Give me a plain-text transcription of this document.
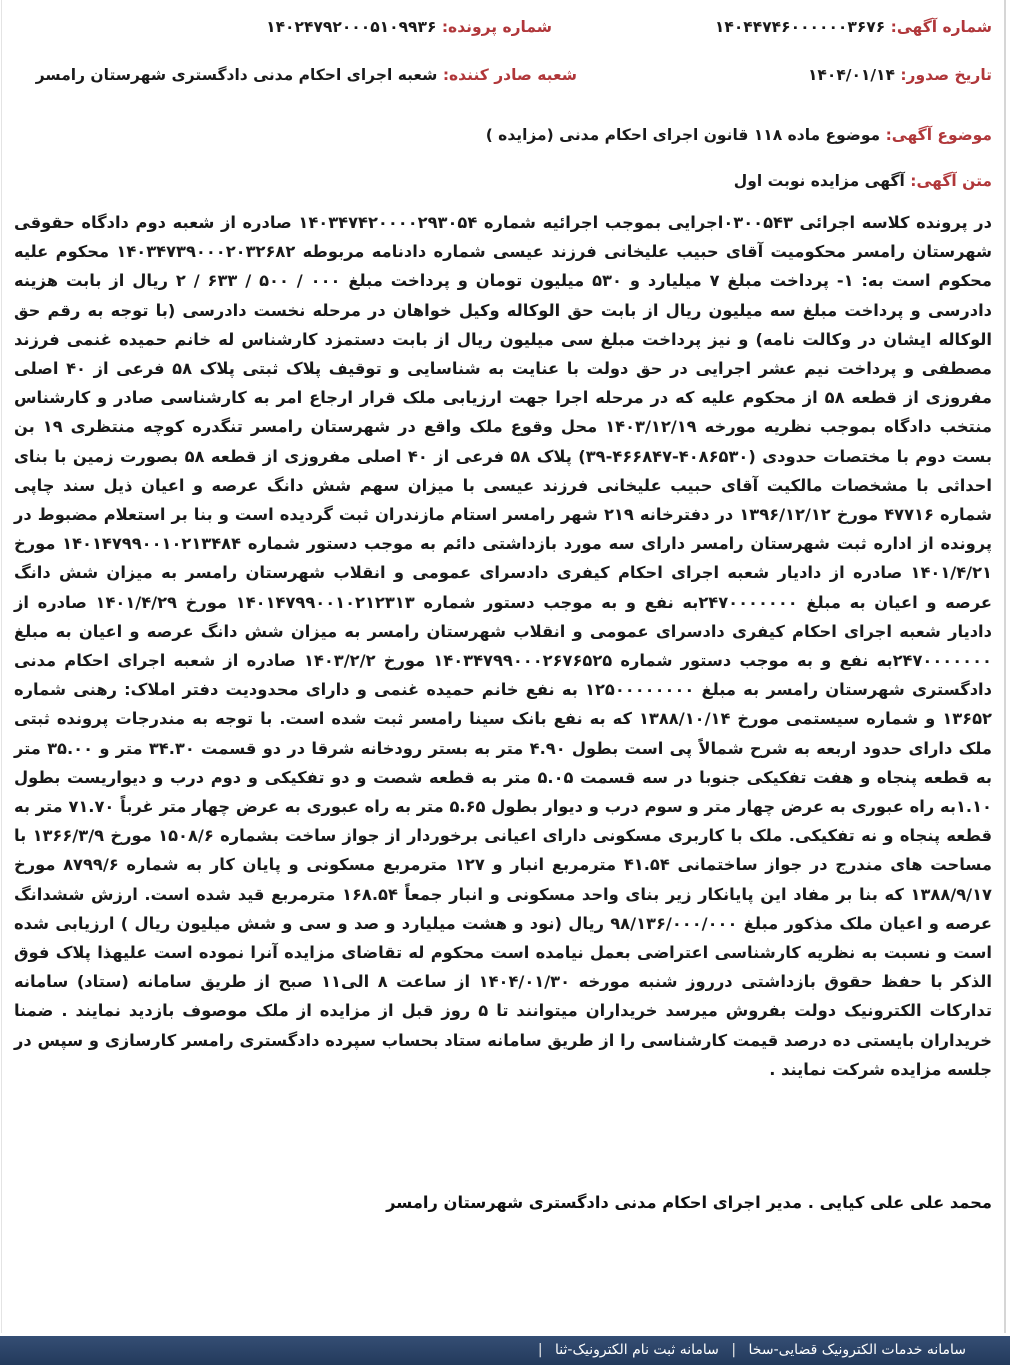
شماره آگهی: ۱۴۰۴۴۷۴۶۰۰۰۰۰۰۳۶۷۶
شماره پرونده: ۱۴۰۲۴۷۹۲۰۰۰۵۱۰۹۹۳۶
تاریخ صدور: ۱۴۰۴/۰۱/۱۴
شعبه صادر کننده: شعبه اجرای احکام مدنی دادگستری شهرستان رامسر
موضوع آگهی: موضوع ماده ۱۱۸ قانون اجرای احکام مدنی (مزایده )
متن آگهی: آگهی مزایده نوبت اول
در پرونده کلاسه اجرائی ۰۳۰۰۵۴۳اجرایی بموجب اجرائیه شماره ۱۴۰۳۴۷۴۲۰۰۰۰۲۹۳۰۵۴ صادره از شعبه دوم دادگاه حقوقی شهرستان رامسر محکومیت آقای حبیب علیخانی فرزند عیسی شماره دادنامه مربوطه ۱۴۰۳۴۷۳۹۰۰۰۲۰۳۲۶۸۲ محکوم علیه محکوم است به: ۱- پرداخت مبلغ ۷ میلیارد و ۵۳۰ میلیون تومان و پرداخت مبلغ ۰۰۰ / ۵۰۰ / ۶۳۳ / ۲ ریال از بابت هزینه دادرسی و پرداخت مبلغ سه میلیون ریال از بابت حق الوکاله وکیل خواهان در مرحله نخست دادرسی (با توجه به رقم حق الوکاله ایشان در وکالت نامه) و نیز پرداخت مبلغ سی میلیون ریال از بابت دستمزد کارشناس له خانم حمیده غنمی فرزند مصطفی و پرداخت نیم عشر اجرایی در حق دولت با عنایت به شناسایی و توقیف پلاک ثبتی پلاک ۵۸ فرعی از ۴۰ اصلی مفروزی از قطعه ۵۸ از محکوم علیه که در مرحله اجرا جهت ارزیابی ملک قرار ارجاع امر به کارشناسی صادر و کارشناس منتخب دادگاه بموجب نظریه مورخه ۱۴۰۳/۱۲/۱۹ محل وقوع ملک واقع در شهرستان رامسر تنگدره کوچه منتظری ۱۹ بن بست دوم با مختصات حدودی (۴۰۸۶۵۳۰-۴۶۶۸۴۷-۳۹) پلاک ۵۸ فرعی از ۴۰ اصلی مفروزی از قطعه ۵۸ بصورت زمین با بنای احداثی با مشخصات مالکیت آقای حبیب علیخانی فرزند عیسی با میزان سهم شش دانگ عرصه و اعیان ذیل سند چاپی شماره ۴۷۷۱۶ مورخ ۱۳۹۶/۱۲/۱۲ در دفترخانه ۲۱۹ شهر رامسر استام مازندران ثبت گردیده است و بنا بر استعلام مضبوط در پرونده از اداره ثبت شهرستان رامسر دارای سه مورد بازداشتی دائم به موجب دستور شماره ۱۴۰۱۴۷۹۹۰۰۱۰۲۱۳۴۸۴ مورخ ۱۴۰۱/۴/۲۱ صادره از دادیار شعبه اجرای احکام کیفری دادسرای عمومی و انقلاب شهرستان رامسر به میزان شش دانگ عرصه و اعیان به مبلغ ۲۴۷۰۰۰۰۰۰۰به نفع و به موجب دستور شماره ۱۴۰۱۴۷۹۹۰۰۱۰۲۱۲۳۱۳ مورخ ۱۴۰۱/۴/۲۹ صادره از دادیار شعبه اجرای احکام کیفری دادسرای عمومی و انقلاب شهرستان رامسر به میزان شش دانگ عرصه و اعیان به مبلغ ۲۴۷۰۰۰۰۰۰۰به نفع و به موجب دستور شماره ۱۴۰۳۴۷۹۹۰۰۰۲۶۷۶۵۲۵ مورخ ۱۴۰۳/۲/۲ صادره از شعبه اجرای احکام مدنی دادگستری شهرستان رامسر به مبلغ ۱۲۵۰۰۰۰۰۰۰۰ به نفع خانم حمیده غنمی و دارای محدودیت دفتر املاک: رهنی شماره ۱۳۶۵۲ و شماره سیستمی مورخ ۱۳۸۸/۱۰/۱۴ که به نفع بانک سینا رامسر ثبت شده است. با توجه به مندرجات پرونده ثبتی ملک دارای حدود اربعه به شرح شمالاً پی است بطول ۴.۹۰ متر به بستر رودخانه شرقا در دو قسمت ۳۴.۳۰ متر و ۳۵.۰۰ متر به قطعه پنجاه و هفت تفکیکی جنوبا در سه قسمت ۵.۰۵ متر به قطعه شصت و دو تفکیکی و دوم درب و دیواریست بطول ۱.۱۰به راه عبوری به عرض چهار متر و سوم درب و دیوار بطول ۵.۶۵ متر به راه عبوری به عرض چهار متر غرباً ۷۱.۷۰ متر به قطعه پنجاه و نه تفکیکی. ملک با کاربری مسکونی دارای اعیانی برخوردار از جواز ساخت بشماره ۱۵۰۸/۶ مورخ ۱۳۶۶/۳/۹ با مساحت های مندرج در جواز ساختمانی ۴۱.۵۴ مترمربع انبار و ۱۲۷ مترمربع مسکونی و پایان کار به شماره ۸۷۹۹/۶ مورخ ۱۳۸۸/۹/۱۷ که بنا بر مفاد این پایانکار زیر بنای واحد مسکونی و انبار جمعاً ۱۶۸.۵۴ مترمربع قید شده است. ارزش ششدانگ عرصه و اعیان ملک مذکور مبلغ ۹۸/۱۳۶/۰۰۰/۰۰۰ ریال (نود و هشت میلیارد و صد و سی و شش میلیون ریال ) ارزیابی شده است و نسبت به نظریه کارشناسی اعتراضی بعمل نیامده است محکوم له تقاضای مزایده آنرا نموده است علیهذا پلاک فوق الذکر با حفظ حقوق بازداشتی درروز شنبه مورخه ۱۴۰۴/۰۱/۳۰ از ساعت ۸ الی۱۱ صبح از طریق سامانه (ستاد) سامانه تدارکات الکترونیک دولت بفروش میرسد خریداران میتوانند تا ۵ روز قبل از مزایده از ملک موصوف بازدید نمایند . ضمنا خریداران بایستی ده درصد قیمت کارشناسی را از طریق سامانه ستاد بحساب سپرده دادگستری رامسر کارسازی و سپس در جلسه مزایده شرکت نمایند .
محمد علی علی کیایی . مدیر اجرای احکام مدنی دادگستری شهرستان رامسر
سامانه خدمات الکترونیک قضایی-سخا | سامانه ثبت نام الکترونیک-ثنا |
